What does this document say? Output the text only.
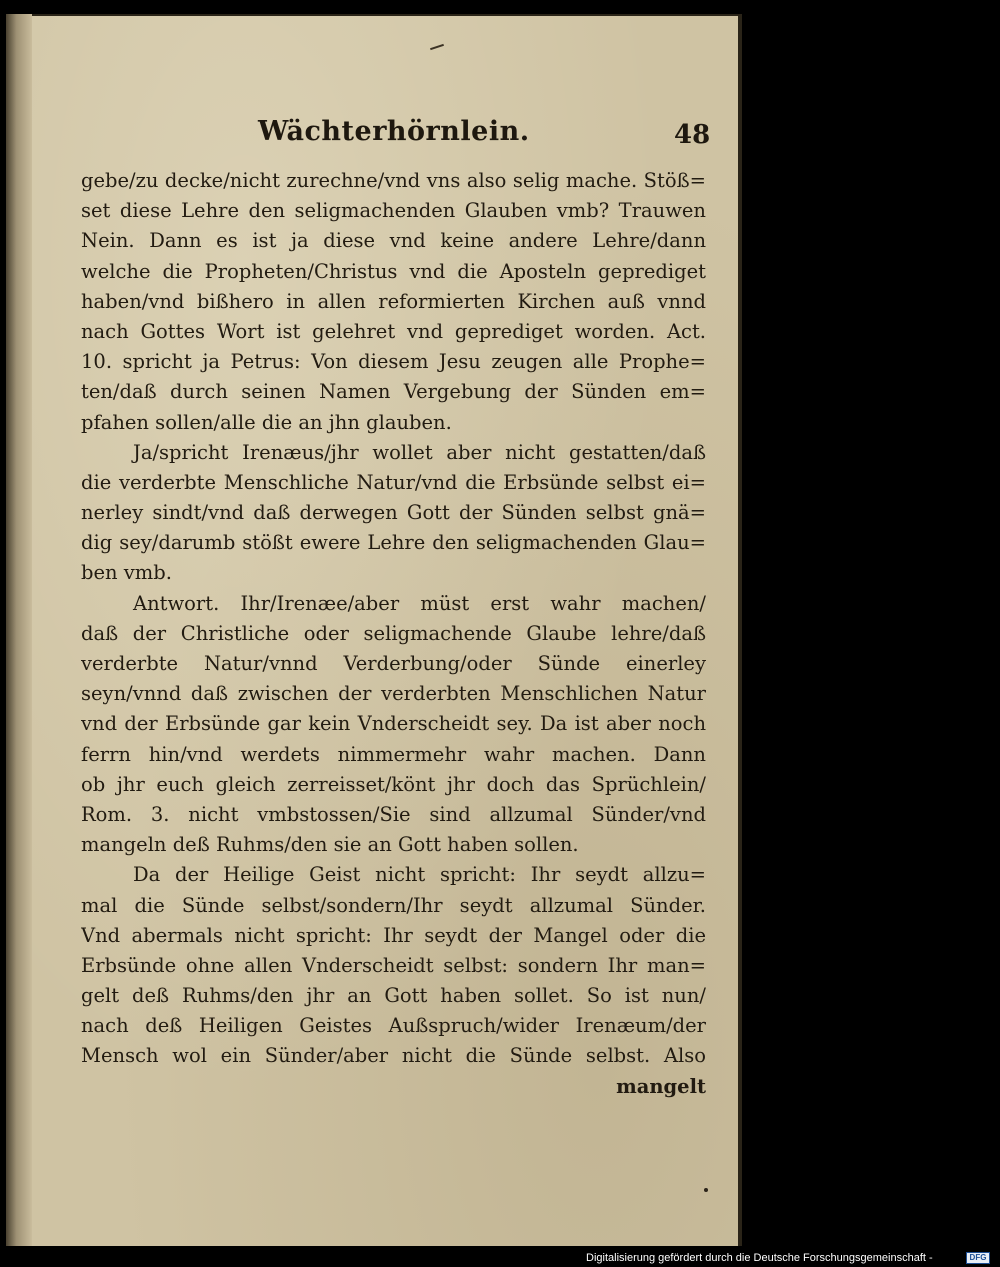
Wächterhörnlein.	48
gebe/zu decke/nicht zurechne/vnd vns also selig mache. Stöß=
set diese Lehre den seligmachenden Glauben vmb? Trauwen
Nein. Dann es ist ja diese vnd keine andere Lehre/dann
welche die Propheten/Christus vnd die Aposteln geprediget
haben/vnd bißhero in allen reformierten Kirchen auß vnnd
nach Gottes Wort ist gelehret vnd geprediget worden. Act.
10. spricht ja Petrus: Von diesem Jesu zeugen alle Prophe=
ten/daß durch seinen Namen Vergebung der Sünden em=
pfahen sollen/alle die an jhn glauben.
Ja/spricht Irenæus/jhr wollet aber nicht gestatten/daß
die verderbte Menschliche Natur/vnd die Erbsünde selbst ei=
nerley sindt/vnd daß derwegen Gott der Sünden selbst gnä=
dig sey/darumb stößt ewere Lehre den seligmachenden Glau=
ben vmb.
Antwort. Ihr/Irenæe/aber müst erst wahr machen/
daß der Christliche oder seligmachende Glaube lehre/daß
verderbte Natur/vnnd Verderbung/oder Sünde einerley
seyn/vnnd daß zwischen der verderbten Menschlichen Natur
vnd der Erbsünde gar kein Vnderscheidt sey. Da ist aber noch
ferrn hin/vnd werdets nimmermehr wahr machen. Dann
ob jhr euch gleich zerreisset/könt jhr doch das Sprüchlein/
Rom. 3. nicht vmbstossen/Sie sind allzumal Sünder/vnd
mangeln deß Ruhms/den sie an Gott haben sollen.
Da der Heilige Geist nicht spricht: Ihr seydt allzu=
mal die Sünde selbst/sondern/Ihr seydt allzumal Sünder.
Vnd abermals nicht spricht: Ihr seydt der Mangel oder die
Erbsünde ohne allen Vnderscheidt selbst: sondern Ihr man=
gelt deß Ruhms/den jhr an Gott haben sollet. So ist nun/
nach deß Heiligen Geistes Außspruch/wider Irenæum/der
Mensch wol ein Sünder/aber nicht die Sünde selbst. Also
mangelt
Digitalisierung gefördert durch die Deutsche Forschungsgemeinschaft -	DFG
